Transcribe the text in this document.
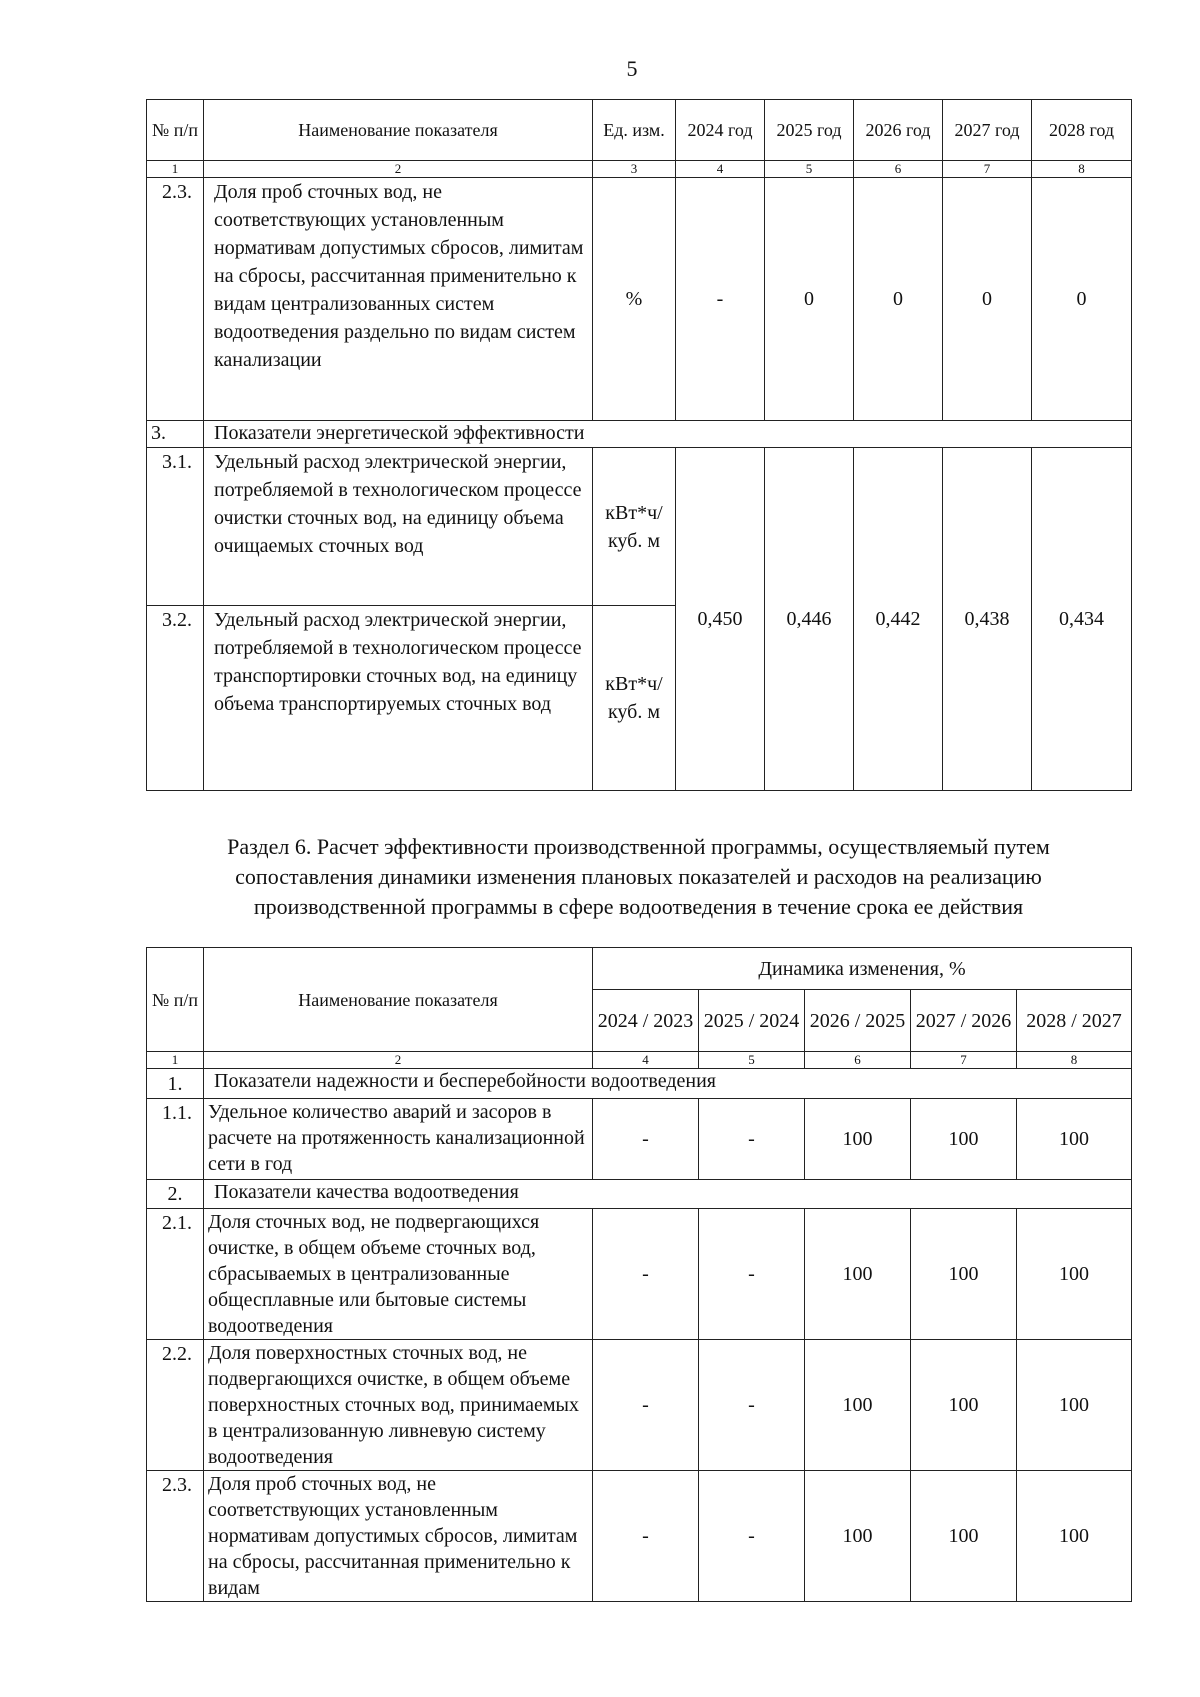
5
№ п/п	Наименование показателя	Ед. изм.	2024 год	2025 год	2026 год	2027 год	2028 год
1	2	3	4	5	6	7	8
2.3.	Доля проб сточных вод, не соответствующих установленным нормативам допустимых сбросов, лимитам на сбросы, рассчитанная применительно к видам централизованных систем водоотведения раздельно по видам систем канализации	%	-	0	0	0	0
3.	Показатели энергетической эффективности						
3.1.	Удельный расход электрической энергии, потребляемой в технологическом процессе очистки сточных вод, на единицу объема очищаемых сточных вод	кВт*ч/ куб. м	0,450	0,446	0,442	0,438	0,434
3.2.	Удельный расход электрической энергии, потребляемой в технологическом процессе транспортировки сточных вод, на единицу объема транспортируемых сточных вод	кВт*ч/ куб. м					
Раздел 6. Расчет эффективности производственной программы, осуществляемый путем
сопоставления динамики изменения плановых показателей и расходов на реализацию
производственной программы в сфере водоотведения в течение срока ее действия
№ п/п	Наименование показателя	Динамика изменения, %				
		2024 / 2023	2025 / 2024	2026 / 2025	2027 / 2026	2028 / 2027
1	2	4	5	6	7	8
1.	Показатели надежности и бесперебойности водоотведения					
1.1.	Удельное количество аварий и засоров в расчете на протяженность канализационной сети в год	-	-	100	100	100
2.	Показатели качества водоотведения					
2.1.	Доля сточных вод, не подвергающихся очистке, в общем объеме сточных вод, сбрасываемых в централизованные общесплавные или бытовые системы водоотведения	-	-	100	100	100
2.2.	Доля поверхностных сточных вод, не подвергающихся очистке, в общем объеме поверхностных сточных вод, принимаемых в централизованную ливневую систему водоотведения	-	-	100	100	100
2.3.	Доля проб сточных вод, не соответствующих установленным нормативам допустимых сбросов, лимитам на сбросы, рассчитанная применительно к видам	-	-	100	100	100
